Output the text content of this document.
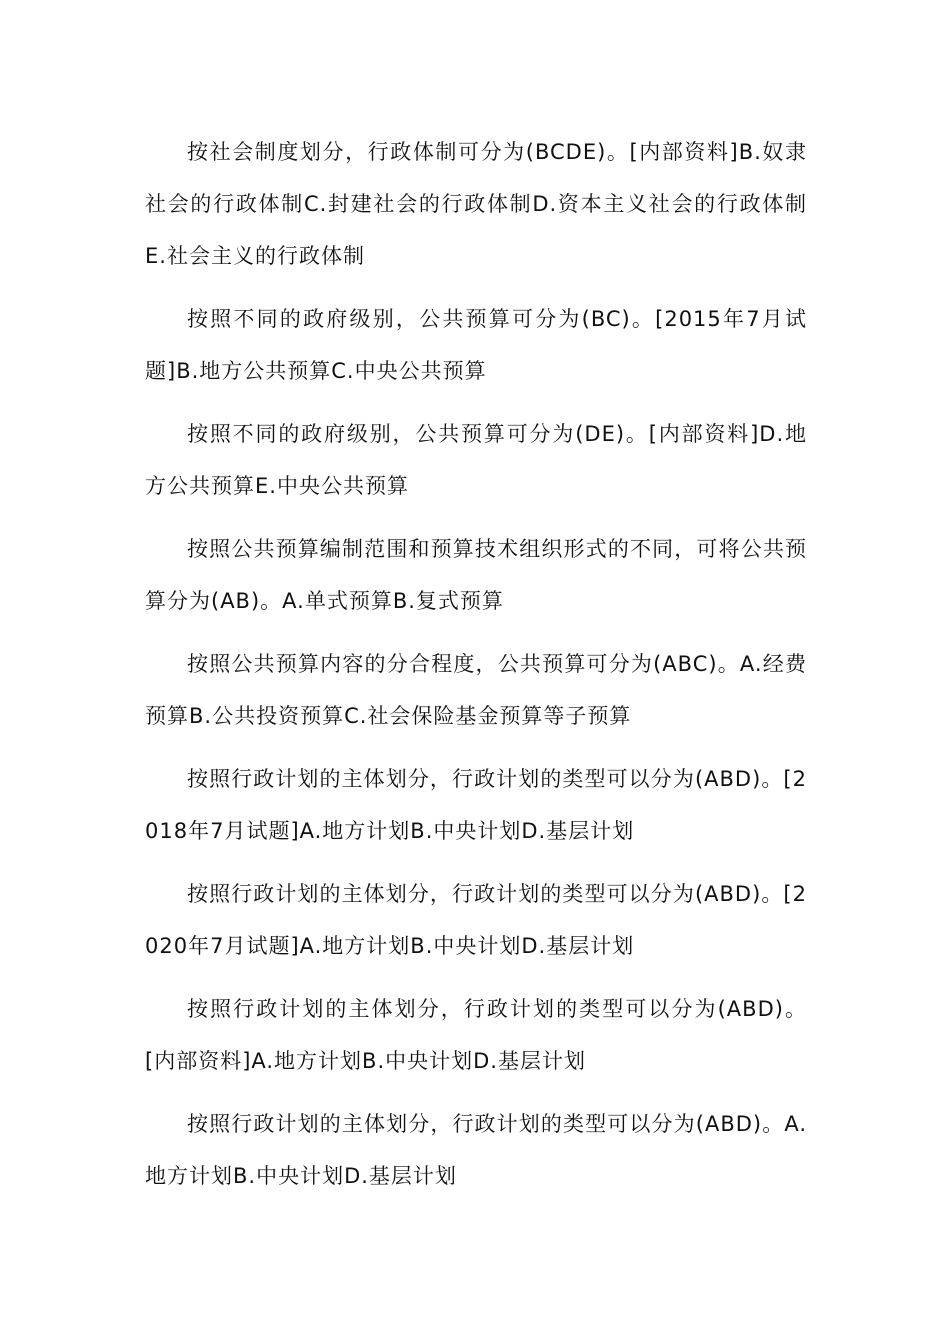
按社会制度划分，行政体制可分为(BCDE)。[内部资料]B.奴隶社会的行政体制C.封建社会的行政体制D.资本主义社会的行政体制E.社会主义的行政体制

按照不同的政府级别，公共预算可分为(BC)。[2015年7月试题]B.地方公共预算C.中央公共预算

按照不同的政府级别，公共预算可分为(DE)。[内部资料]D.地方公共预算E.中央公共预算

按照公共预算编制范围和预算技术组织形式的不同，可将公共预算分为(AB)。A.单式预算B.复式预算

按照公共预算内容的分合程度，公共预算可分为(ABC)。A.经费预算B.公共投资预算C.社会保险基金预算等子预算

按照行政计划的主体划分，行政计划的类型可以分为(ABD)。[2018年7月试题]A.地方计划B.中央计划D.基层计划

按照行政计划的主体划分，行政计划的类型可以分为(ABD)。[2020年7月试题]A.地方计划B.中央计划D.基层计划

按照行政计划的主体划分，行政计划的类型可以分为(ABD)。[内部资料]A.地方计划B.中央计划D.基层计划

按照行政计划的主体划分，行政计划的类型可以分为(ABD)。A.地方计划B.中央计划D.基层计划
